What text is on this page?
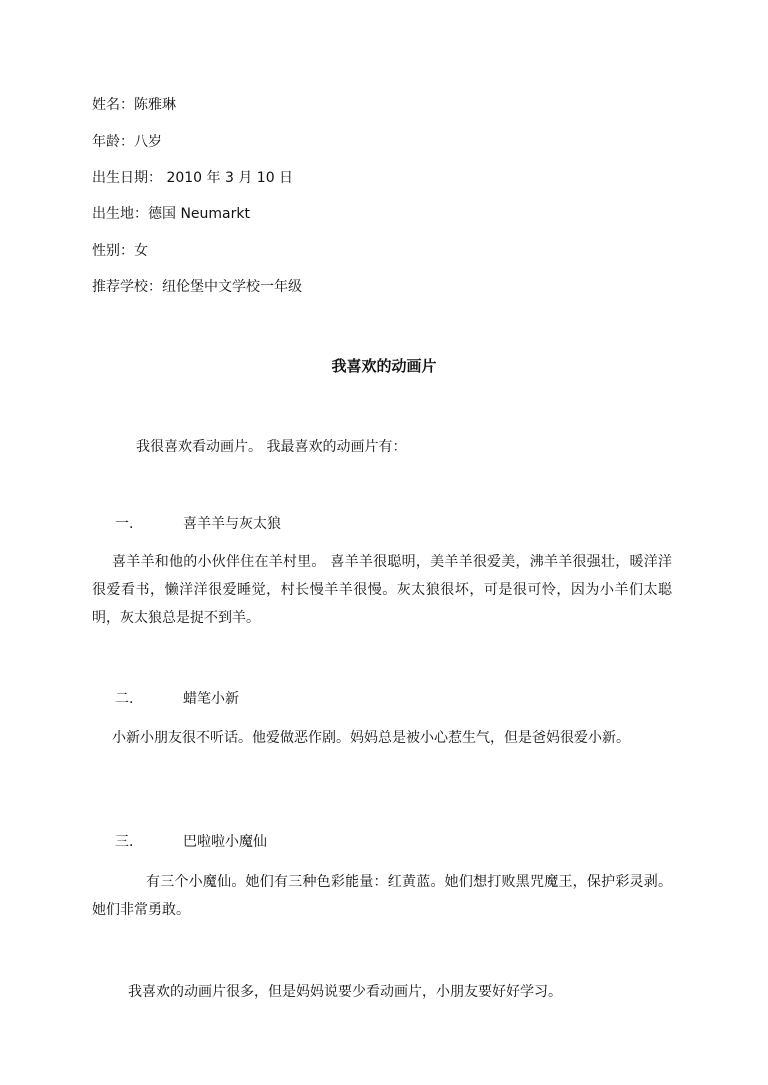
姓名：陈雅琳
年龄：八岁
出生日期： 2010 年 3 月 10 日
出生地：德国 Neumarkt
性别：女
推荐学校：纽伦堡中文学校一年级
我喜欢的动画片
我很喜欢看动画片。 我最喜欢的动画片有：
一.	喜羊羊与灰太狼
喜羊羊和他的小伙伴住在羊村里。 喜羊羊很聪明，美羊羊很爱美，沸羊羊很强壮，暖洋洋很爱看书，懒洋洋很爱睡觉，村长慢羊羊很慢。灰太狼很坏，可是很可怜，因为小羊们太聪明，灰太狼总是捉不到羊。
二.	蜡笔小新
小新小朋友很不听话。他爱做恶作剧。妈妈总是被小心惹生气，但是爸妈很爱小新。
三.	巴啦啦小魔仙
有三个小魔仙。她们有三种色彩能量：红黄蓝。她们想打败黑咒魔王，保护彩灵剥。她们非常勇敢。
我喜欢的动画片很多，但是妈妈说要少看动画片，小朋友要好好学习。
